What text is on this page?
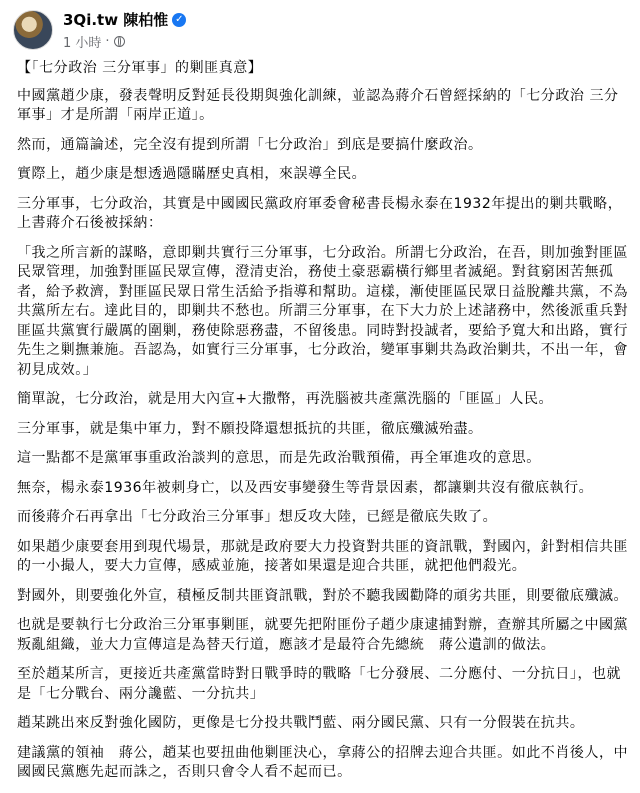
3Qi.tw 陳柏惟 ✓
1 小時 ·

【「七分政治 三分軍事」的剿匪真意】

中國黨趙少康，發表聲明反對延長役期與強化訓練，並認為蔣介石曾經採納的「七分政治 三分軍事」才是所謂「兩岸正道」。

然而，通篇論述，完全沒有提到所謂「七分政治」到底是要搞什麼政治。

實際上，趙少康是想透過隱瞞歷史真相，來誤導全民。

三分軍事，七分政治，其實是中國國民黨政府軍委會秘書長楊永泰在1932年提出的剿共戰略，上書蔣介石後被採納：

「我之所言新的謀略，意即剿共實行三分軍事，七分政治。所謂七分政治，在吾，則加強對匪區民眾管理，加強對匪區民眾宣傳，澄清吏治，務使土豪惡霸橫行鄉里者滅絕。對貧窮困苦無孤者，給予救濟，對匪區民眾日常生活給予指導和幫助。這樣，漸使匪區民眾日益脫離共黨，不為共黨所左右。達此目的，即剿共不愁也。所謂三分軍事，在下大力於上述諸務中，然後派重兵對匪區共黨實行嚴厲的圍剿，務使除惡務盡，不留後患。同時對投誠者，要給予寬大和出路，實行先生之剿撫兼施。吾認為，如實行三分軍事，七分政治，變軍事剿共為政治剿共，不出一年，會初見成效。」

簡單說，七分政治，就是用大內宣+大撒幣，再洗腦被共產黨洗腦的「匪區」人民。

三分軍事，就是集中軍力，對不願投降還想抵抗的共匪，徹底殲滅殆盡。

這一點都不是黨軍事重政治談判的意思，而是先政治戰預備，再全軍進攻的意思。

無奈，楊永泰1936年被刺身亡，以及西安事變發生等背景因素，都讓剿共沒有徹底執行。

而後蔣介石再拿出「七分政治三分軍事」想反攻大陸，已經是徹底失敗了。

如果趙少康要套用到現代場景，那就是政府要大力投資對共匪的資訊戰，對國內，針對相信共匪的一小撮人，要大力宣傳，感威並施，接著如果還是迎合共匪，就把他們殺光。

對國外，則要強化外宣，積極反制共匪資訊戰，對於不聽我國勸降的頑劣共匪，則要徹底殲滅。

也就是要執行七分政治三分軍事剿匪，就要先把附匪份子趙少康逮捕對辦，查辦其所屬之中國黨叛亂組織，並大力宣傳這是為替天行道，應該才是最符合先總統　蔣公遺訓的做法。

至於趙某所言，更接近共產黨當時對日戰爭時的戰略「七分發展、二分應付、一分抗日」，也就是「七分戰台、兩分讒藍、一分抗共」

趙某跳出來反對強化國防，更像是七分投共戰鬥藍、兩分國民黨、只有一分假裝在抗共。

建議黨的領袖　蔣公，趙某也要扭曲他剿匪決心，拿蔣公的招牌去迎合共匪。如此不肖後人，中國國民黨應先起而誅之，否則只會令人看不起而已。
